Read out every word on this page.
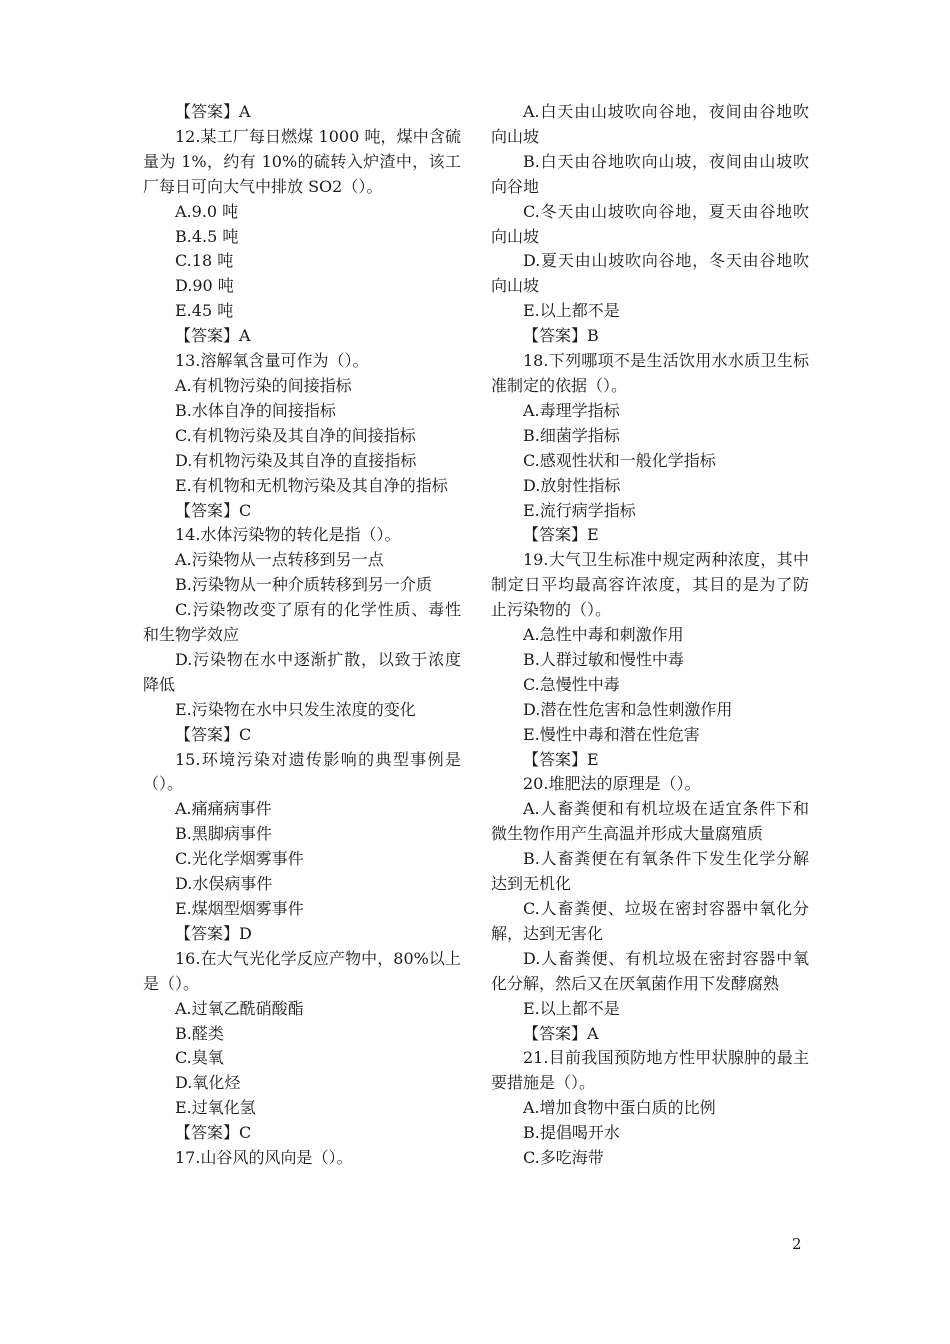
【答案】A

12.某工厂每日燃煤 1000 吨，煤中含硫量为 1%，约有 10%的硫转入炉渣中，该工厂每日可向大气中排放 SO2（）。

A.9.0 吨

B.4.5 吨

C.18 吨

D.90 吨

E.45 吨

【答案】A

13.溶解氧含量可作为（）。

A.有机物污染的间接指标

B.水体自净的间接指标

C.有机物污染及其自净的间接指标

D.有机物污染及其自净的直接指标

E.有机物和无机物污染及其自净的指标

【答案】C

14.水体污染物的转化是指（）。

A.污染物从一点转移到另一点

B.污染物从一种介质转移到另一介质

C.污染物改变了原有的化学性质、毒性和生物学效应

D.污染物在水中逐渐扩散，以致于浓度降低

E.污染物在水中只发生浓度的变化

【答案】C

15.环境污染对遗传影响的典型事例是（）。

A.痛痛病事件

B.黑脚病事件

C.光化学烟雾事件

D.水俣病事件

E.煤烟型烟雾事件

【答案】D

16.在大气光化学反应产物中，80%以上是（）。

A.过氧乙酰硝酸酯

B.醛类

C.臭氧

D.氧化烃

E.过氧化氢

【答案】C

17.山谷风的风向是（）。

A.白天由山坡吹向谷地，夜间由谷地吹向山坡

B.白天由谷地吹向山坡，夜间由山坡吹向谷地

C.冬天由山坡吹向谷地，夏天由谷地吹向山坡

D.夏天由山坡吹向谷地，冬天由谷地吹向山坡

E.以上都不是

【答案】B

18.下列哪项不是生活饮用水水质卫生标准制定的依据（）。

A.毒理学指标

B.细菌学指标

C.感观性状和一般化学指标

D.放射性指标

E.流行病学指标

【答案】E

19.大气卫生标准中规定两种浓度，其中制定日平均最高容许浓度，其目的是为了防止污染物的（）。

A.急性中毒和刺激作用

B.人群过敏和慢性中毒

C.急慢性中毒

D.潜在性危害和急性刺激作用

E.慢性中毒和潜在性危害

【答案】E

20.堆肥法的原理是（）。

A.人畜粪便和有机垃圾在适宜条件下和微生物作用产生高温并形成大量腐殖质

B.人畜粪便在有氧条件下发生化学分解达到无机化

C.人畜粪便、垃圾在密封容器中氧化分解，达到无害化

D.人畜粪便、有机垃圾在密封容器中氧化分解，然后又在厌氧菌作用下发酵腐熟

E.以上都不是

【答案】A

21.目前我国预防地方性甲状腺肿的最主要措施是（）。

A.增加食物中蛋白质的比例

B.提倡喝开水

C.多吃海带

2
